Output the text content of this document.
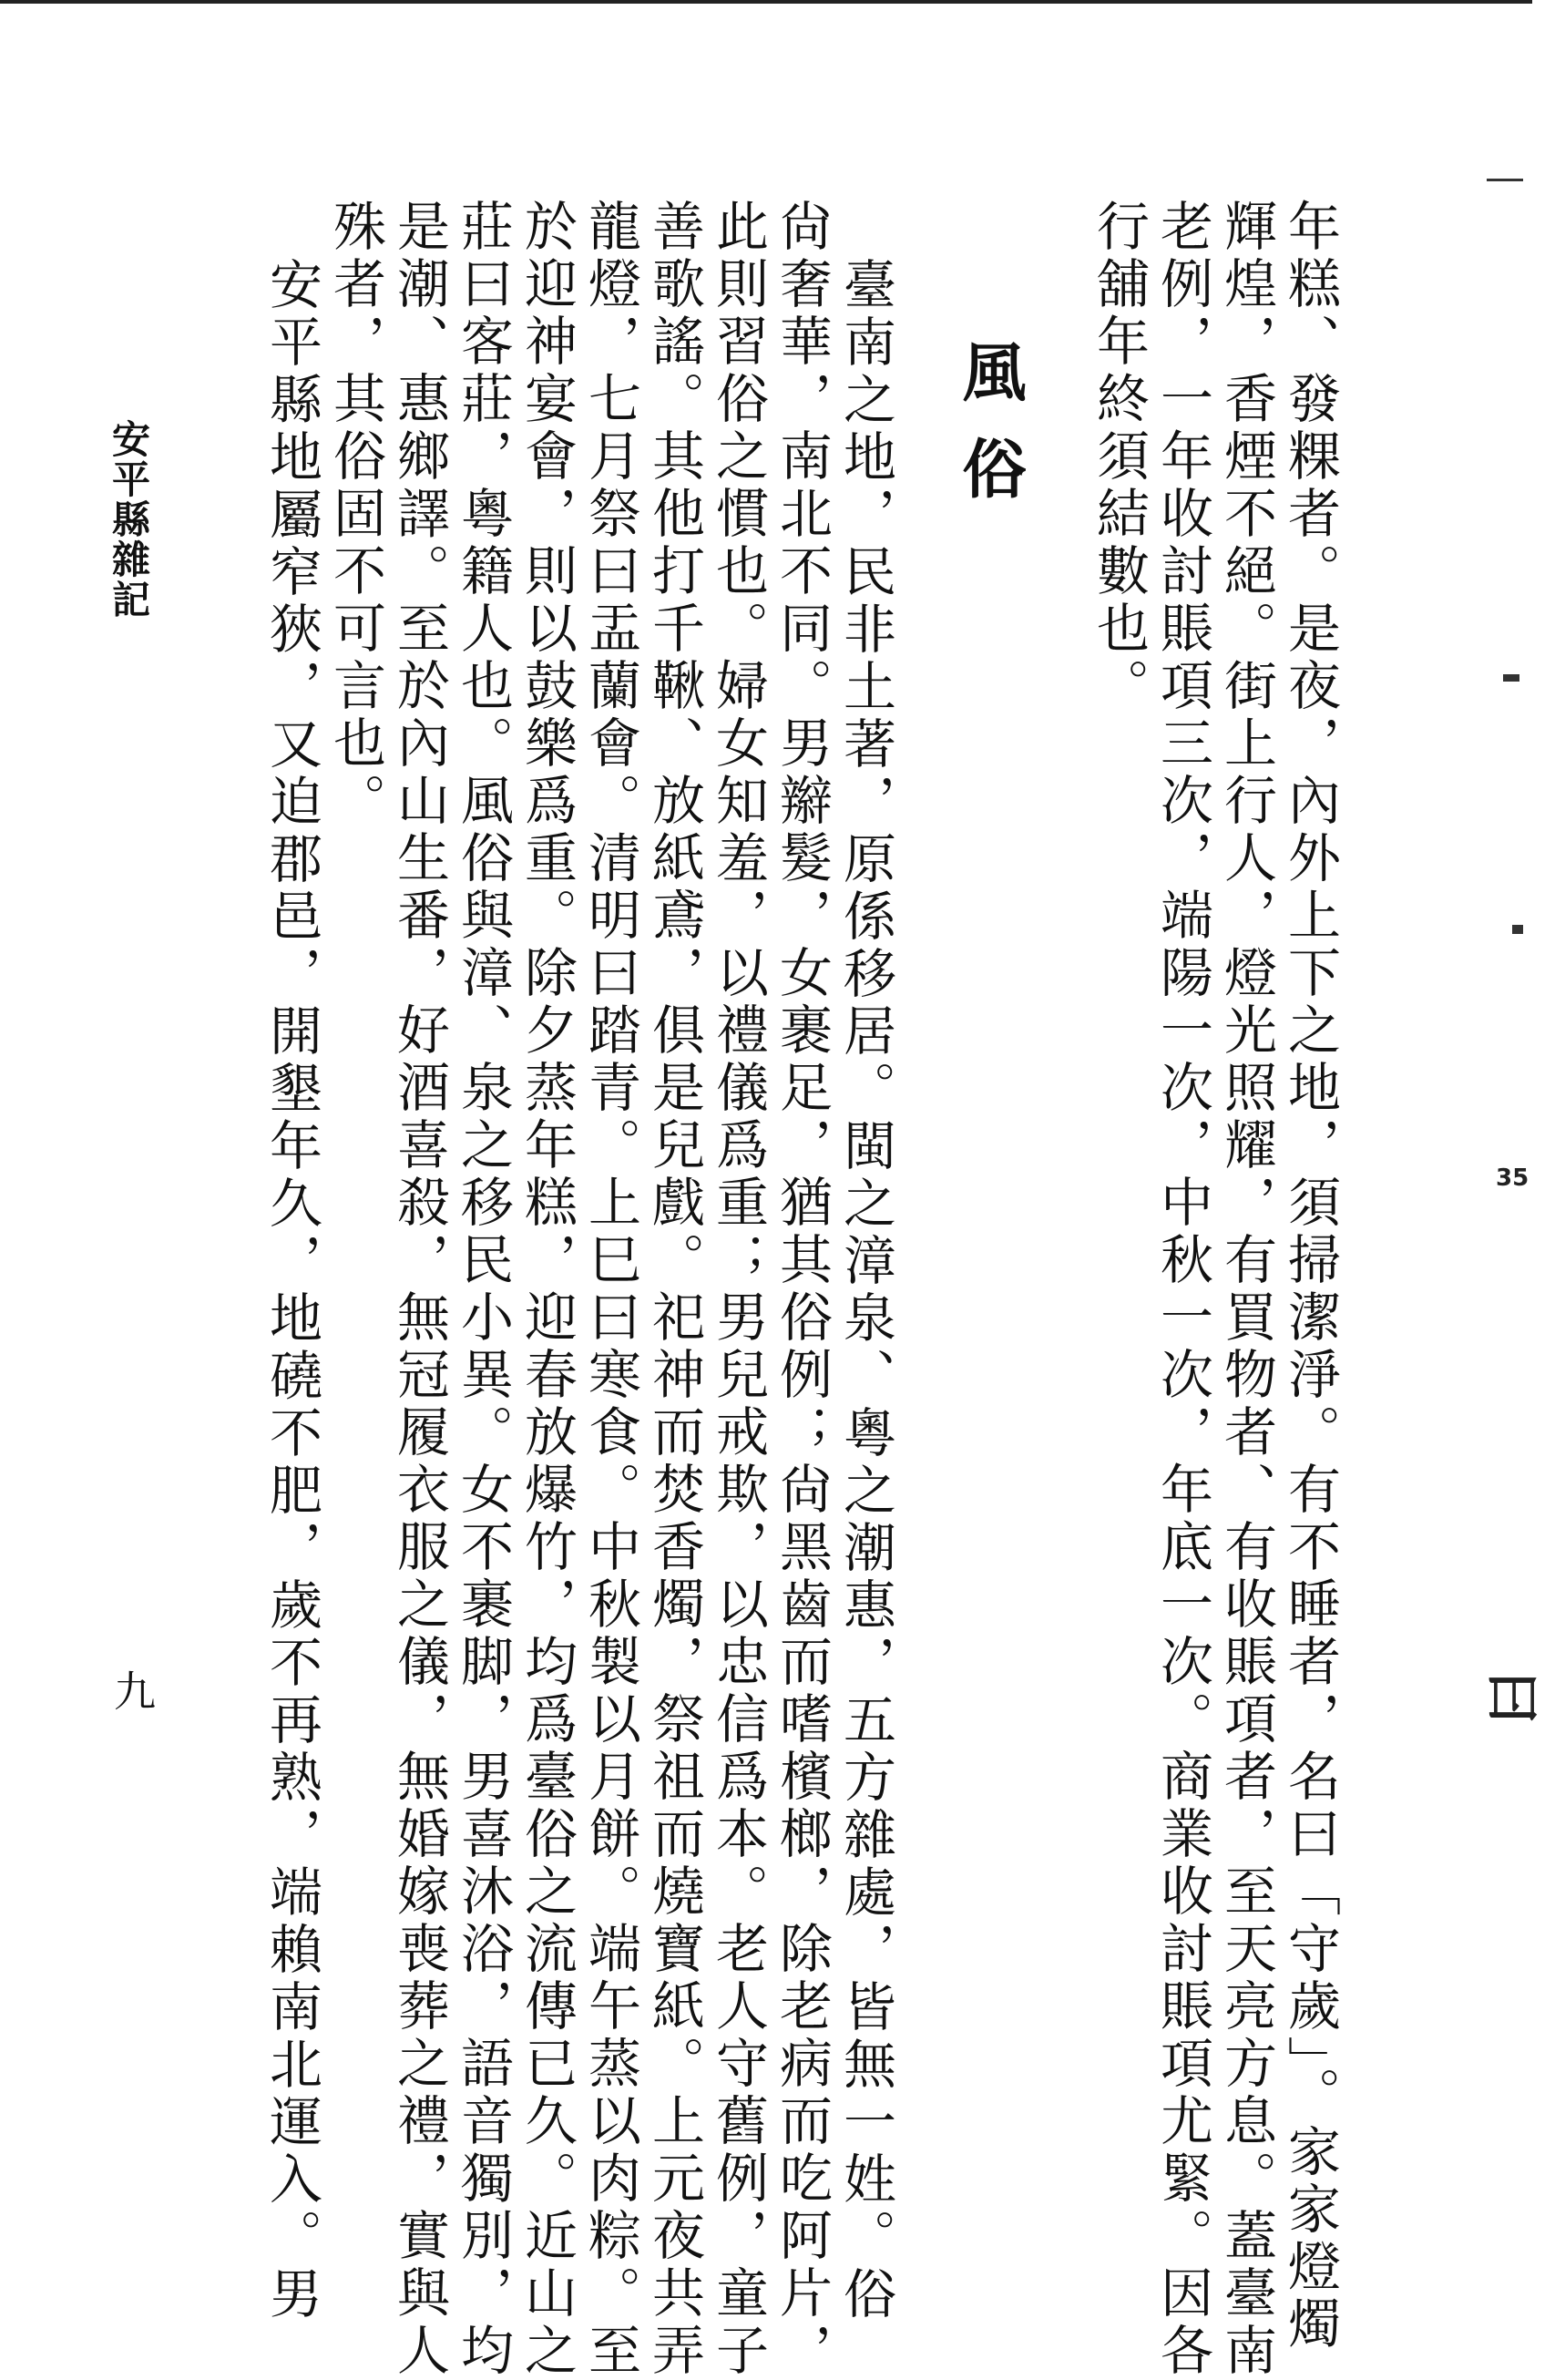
35
曰
年糕、發粿者。是夜，內外上下之地，須掃潔淨。有不睡者，名曰「守歲」。家家燈燭
輝煌，香煙不絕。街上行人，燈光照耀，有買物者、有收賬項者，至天亮方息。蓋臺南
老例，一年收討賬項三次，端陽一次，中秋一次，年底一次。商業收討賬項尤緊。因各
行舖年終須結數也。
風俗
臺南之地，民非土著，原係移居。閩之漳泉、粵之潮惠，五方雜處，皆無一姓。俗
尙奢華，南北不同。男辮髮，女裹足，猶其俗例；尙黑齒而嗜檳榔，除老病而吃阿片，
此則習俗之慣也。婦女知羞，以禮儀爲重；男兒戒欺，以忠信爲本。老人守舊例，童子
善歌謠。其他打千鞦、放紙鳶，俱是兒戲。祀神而焚香燭，祭祖而燒寶紙。上元夜共弄
龍燈，七月祭曰盂蘭會。清明曰踏青。上巳曰寒食。中秋製以月餅。端午蒸以肉粽。至
於迎神宴會，則以鼓樂爲重。除夕蒸年糕，迎春放爆竹，均爲臺俗之流傳已久。近山之
莊曰客莊，粵籍人也。風俗與漳、泉之移民小異。女不裹脚，男喜沐浴，語音獨別，均
是潮、惠鄉譯。至於內山生番，好酒喜殺，無冠履衣服之儀，無婚嫁喪葬之禮，實與人
殊者，其俗固不可言也。
安平縣地屬窄狹，又迫郡邑，開墾年久，地磽不肥，歲不再熟，端賴南北運入。男
安平縣雜記
九
